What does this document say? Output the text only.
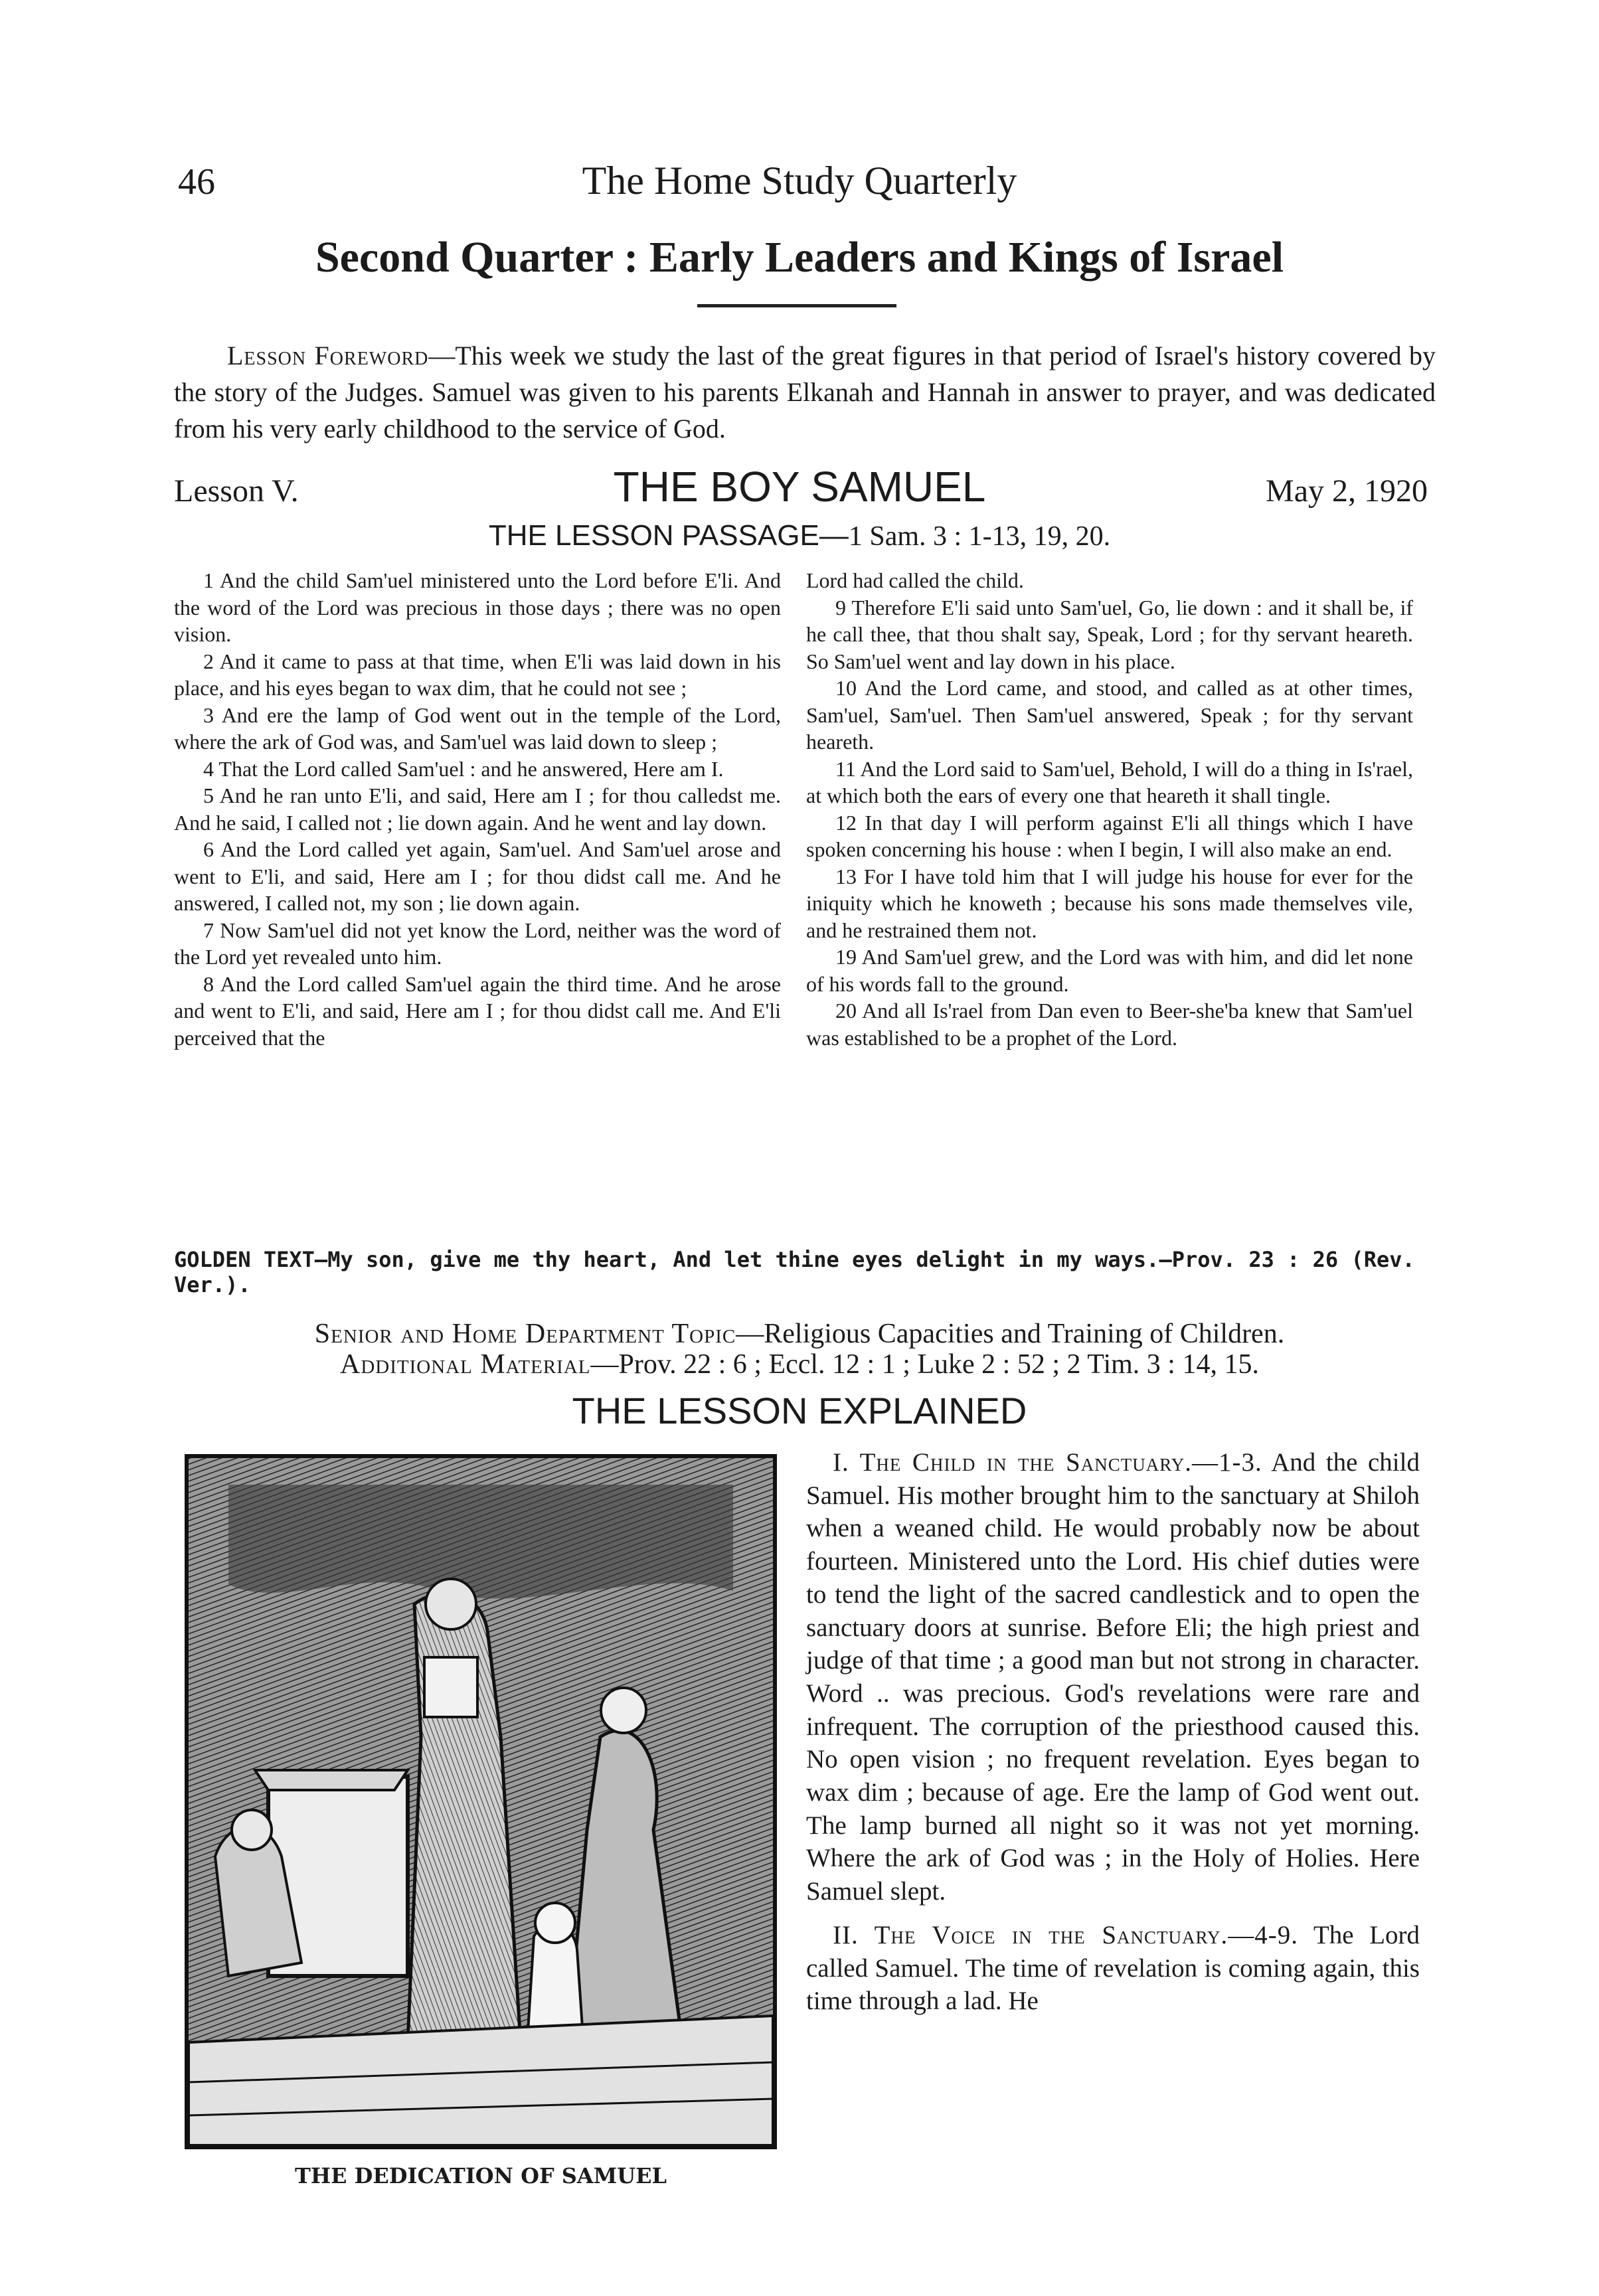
46	The Home Study Quarterly
Second Quarter : Early Leaders and Kings of Israel
Lesson Foreword—This week we study the last of the great figures in that period of Israel's history covered by the story of the Judges. Samuel was given to his parents Elkanah and Hannah in answer to prayer, and was dedicated from his very early childhood to the service of God.
Lesson V.	THE BOY SAMUEL	May 2, 1920
THE LESSON PASSAGE—1 Sam. 3 : 1-13, 19, 20.

1 And the child Sam'uel ministered unto the Lord before E'li. And the word of the Lord was precious in those days ; there was no open vision.

2 And it came to pass at that time, when E'li was laid down in his place, and his eyes began to wax dim, that he could not see ;

3 And ere the lamp of God went out in the temple of the Lord, where the ark of God was, and Sam'uel was laid down to sleep ;

4 That the Lord called Sam'uel : and he answered, Here am I.

5 And he ran unto E'li, and said, Here am I ; for thou calledst me. And he said, I called not ; lie down again. And he went and lay down.

6 And the Lord called yet again, Sam'uel. And Sam'uel arose and went to E'li, and said, Here am I ; for thou didst call me. And he answered, I called not, my son ; lie down again.

7 Now Sam'uel did not yet know the Lord, neither was the word of the Lord yet revealed unto him.

8 And the Lord called Sam'uel again the third time. And he arose and went to E'li, and said, Here am I ; for thou didst call me. And E'li perceived that the

Lord had called the child.

9 Therefore E'li said unto Sam'uel, Go, lie down : and it shall be, if he call thee, that thou shalt say, Speak, Lord ; for thy servant heareth. So Sam'uel went and lay down in his place.

10 And the Lord came, and stood, and called as at other times, Sam'uel, Sam'uel. Then Sam'uel answered, Speak ; for thy servant heareth.

11 And the Lord said to Sam'uel, Behold, I will do a thing in Is'rael, at which both the ears of every one that heareth it shall tingle.

12 In that day I will perform against E'li all things which I have spoken concerning his house : when I begin, I will also make an end.

13 For I have told him that I will judge his house for ever for the iniquity which he knoweth ; because his sons made themselves vile, and he restrained them not.

19 And Sam'uel grew, and the Lord was with him, and did let none of his words fall to the ground.

20 And all Is'rael from Dan even to Beer-she'ba knew that Sam'uel was established to be a prophet of the Lord.

GOLDEN TEXT—My son, give me thy heart, And let thine eyes delight in my ways.—Prov. 23 : 26 (Rev. Ver.).
Senior and Home Department Topic—Religious Capacities and Training of Children.
Additional Material—Prov. 22 : 6 ; Eccl. 12 : 1 ; Luke 2 : 52 ; 2 Tim. 3 : 14, 15.
THE LESSON EXPLAINED
THE DEDICATION OF SAMUEL

I. The Child in the Sanctuary.—1-3. And the child Samuel. His mother brought him to the sanctuary at Shiloh when a weaned child. He would probably now be about fourteen. Ministered unto the Lord. His chief duties were to tend the light of the sacred candlestick and to open the sanctuary doors at sunrise. Before Eli; the high priest and judge of that time ; a good man but not strong in character. Word .. was precious. God's revelations were rare and infrequent. The corruption of the priesthood caused this. No open vision ; no frequent revelation. Eyes began to wax dim ; because of age. Ere the lamp of God went out. The lamp burned all night so it was not yet morning. Where the ark of God was ; in the Holy of Holies. Here Samuel slept.

II. The Voice in the Sanctuary.—4-9. The Lord called Samuel. The time of revelation is coming again, this time through a lad. He
